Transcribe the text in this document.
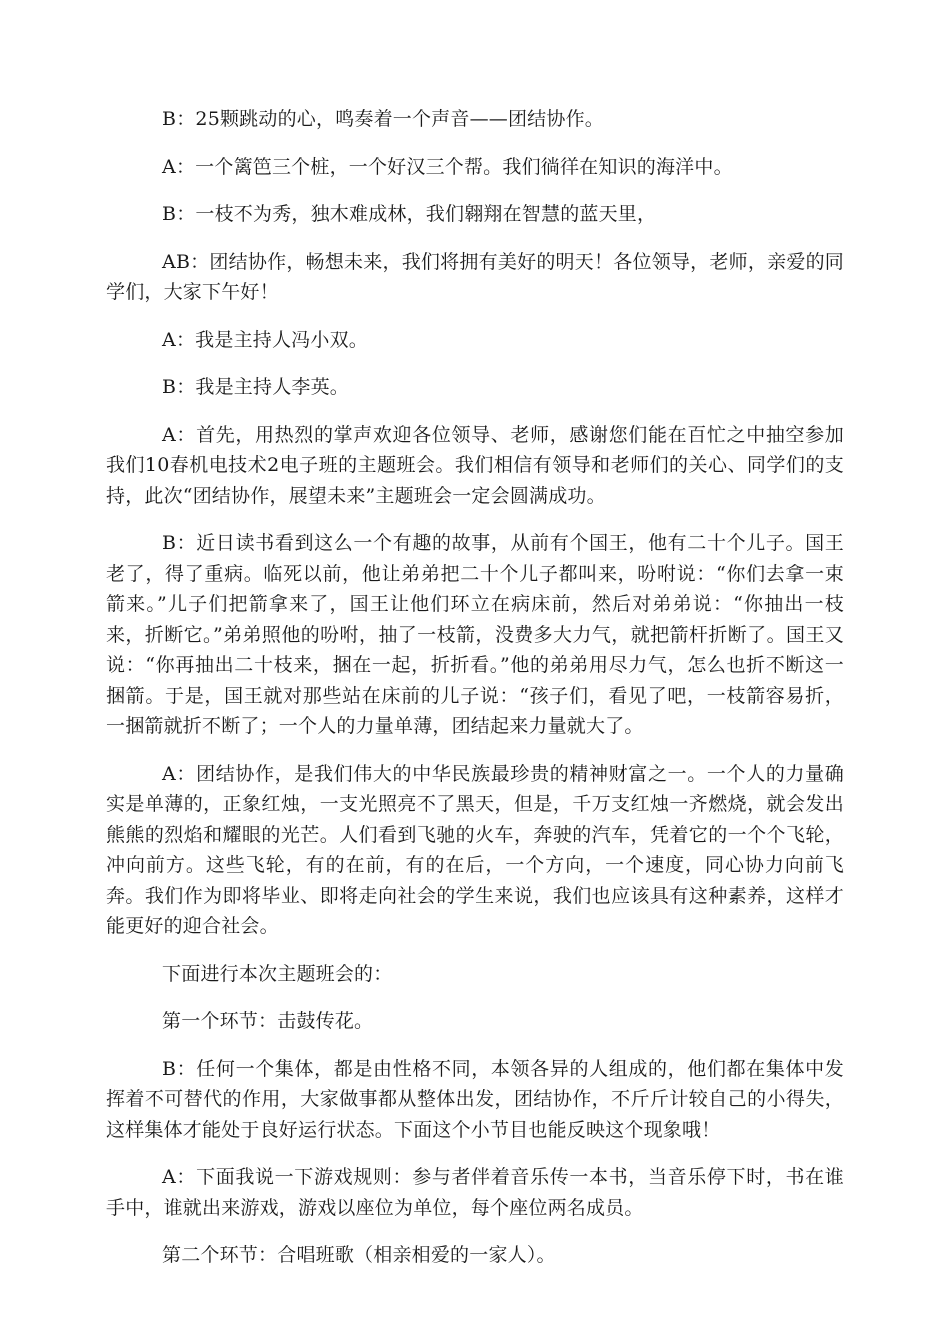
B：25颗跳动的心，鸣奏着一个声音——团结协作。

A：一个篱笆三个桩，一个好汉三个帮。我们徜徉在知识的海洋中。

B：一枝不为秀，独木难成林，我们翱翔在智慧的蓝天里，

AB：团结协作，畅想未来，我们将拥有美好的明天！各位领导，老师，亲爱的同学们，大家下午好！

A：我是主持人冯小双。

B：我是主持人李英。

A：首先，用热烈的掌声欢迎各位领导、老师，感谢您们能在百忙之中抽空参加我们10春机电技术2电子班的主题班会。我们相信有领导和老师们的关心、同学们的支持，此次“团结协作，展望未来”主题班会一定会圆满成功。

B：近日读书看到这么一个有趣的故事，从前有个国王，他有二十个儿子。国王老了，得了重病。临死以前，他让弟弟把二十个儿子都叫来，吩咐说：“你们去拿一束箭来。”儿子们把箭拿来了，国王让他们环立在病床前，然后对弟弟说：“你抽出一枝来，折断它。”弟弟照他的吩咐，抽了一枝箭，没费多大力气，就把箭杆折断了。国王又说：“你再抽出二十枝来，捆在一起，折折看。”他的弟弟用尽力气，怎么也折不断这一捆箭。于是，国王就对那些站在床前的儿子说：“孩子们，看见了吧，一枝箭容易折，一捆箭就折不断了；一个人的力量单薄，团结起来力量就大了。

A：团结协作，是我们伟大的中华民族最珍贵的精神财富之一。一个人的力量确实是单薄的，正象红烛，一支光照亮不了黑天，但是，千万支红烛一齐燃烧，就会发出熊熊的烈焰和耀眼的光芒。人们看到飞驰的火车，奔驶的汽车，凭着它的一个个飞轮，冲向前方。这些飞轮，有的在前，有的在后，一个方向，一个速度，同心协力向前飞奔。我们作为即将毕业、即将走向社会的学生来说，我们也应该具有这种素养，这样才能更好的迎合社会。

下面进行本次主题班会的：

第一个环节：击鼓传花。

B：任何一个集体，都是由性格不同，本领各异的人组成的，他们都在集体中发挥着不可替代的作用，大家做事都从整体出发，团结协作，不斤斤计较自己的小得失，这样集体才能处于良好运行状态。下面这个小节目也能反映这个现象哦！

A：下面我说一下游戏规则：参与者伴着音乐传一本书，当音乐停下时，书在谁手中，谁就出来游戏，游戏以座位为单位，每个座位两名成员。

第二个环节：合唱班歌（相亲相爱的一家人）。
